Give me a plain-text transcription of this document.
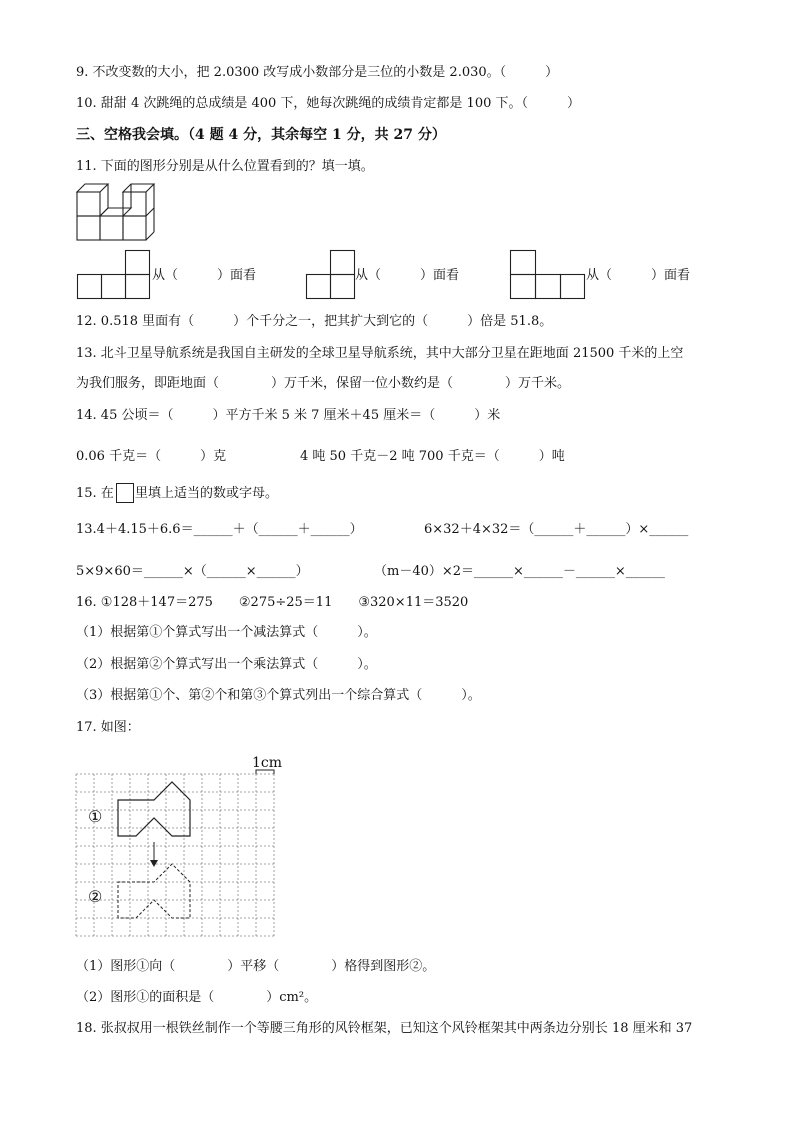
9. 不改变数的大小，把 2.0300 改写成小数部分是三位的小数是 2.030。（　　　）
10. 甜甜 4 次跳绳的总成绩是 400 下，她每次跳绳的成绩肯定都是 100 下。（　　　）
三、空格我会填。（4 题 4 分，其余每空 1 分，共 27 分）
11. 下面的图形分别是从什么位置看到的？填一填。
从（　　　）面看	从（　　　）面看	从（　　　）面看
12. 0.518 里面有（　　　）个千分之一，把其扩大到它的（　　　）倍是 51.8。
13. 北斗卫星导航系统是我国自主研发的全球卫星导航系统，其中大部分卫星在距地面 21500 千米的上空
为我们服务，即距地面（　　　　）万千米，保留一位小数约是（　　　　）万千米。
14. 45 公顷＝（　　　）平方千米 5 米 7 厘米＋45 厘米＝（　　　）米
0.06 千克＝（　　　）克	4 吨 50 千克－2 吨 700 千克＝（　　　）吨
15. 在 里填上适当的数或字母。
13.4＋4.15＋6.6＝______＋（______＋______）	6×32＋4×32＝（______＋______）×______
5×9×60＝______×（______×______）	（m－40）×2＝______×______－______×______
16. ①128＋147＝275　　②275÷25＝11　　③320×11＝3520
（1）根据第①个算式写出一个减法算式（　　　）。
（2）根据第②个算式写出一个乘法算式（　　　）。
（3）根据第①个、第②个和第③个算式列出一个综合算式（　　　）。
17. 如图：
1cm
①
②
（1）图形①向（　　　　）平移（　　　　）格得到图形②。
（2）图形①的面积是（　　　　）cm²。
18. 张叔叔用一根铁丝制作一个等腰三角形的风铃框架，已知这个风铃框架其中两条边分别长 18 厘米和 37
